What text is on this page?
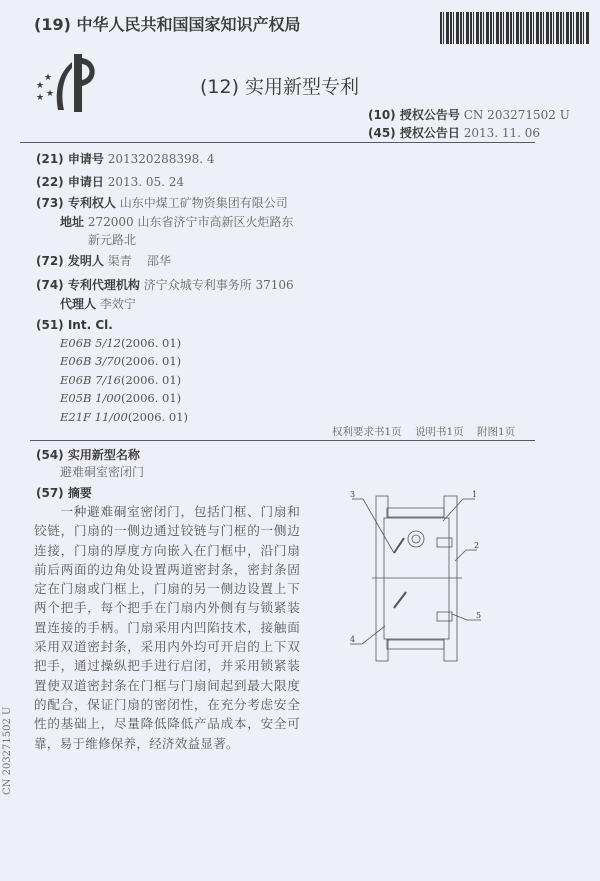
(19) 中华人民共和国国家知识产权局
★
★
★ ★	(12) 实用新型专利
(10) 授权公告号 CN 203271502 U
(45) 授权公告日 2013. 11. 06
(21) 申请号 201320288398. 4
(22) 申请日 2013. 05. 24
(73) 专利权人 山东中煤工矿物资集团有限公司
地址 272000 山东省济宁市高新区火炬路东
新元路北
(72) 发明人 渠青    邵华
(74) 专利代理机构 济宁众城专利事务所 37106
代理人 李效宁
(51) Int. Cl.
E06B 5/12(2006. 01)
E06B 3/70(2006. 01)
E06B 7/16(2006. 01)
E05B 1/00(2006. 01)
E21F 11/00(2006. 01)
权利要求书1页    说明书1页    附图1页
(54) 实用新型名称
避难硐室密闭门
(57) 摘要
一种避难硐室密闭门，包括门框、门扇和铰链，门扇的一侧边通过铰链与门框的一侧边连接，门扇的厚度方向嵌入在门框中，沿门扇前后两面的边角处设置两道密封条，密封条固定在门扇或门框上，门扇的另一侧边设置上下两个把手，每个把手在门扇内外侧有与锁紧装置连接的手柄。门扇采用内凹陷技术，接触面采用双道密封条，采用内外均可开启的上下双把手，通过操纵把手进行启闭，并采用锁紧装置使双道密封条在门框与门扇间起到最大限度的配合，保证门扇的密闭性，在充分考虑安全性的基础上，尽量降低降低产品成本，安全可靠，易于维修保养，经济效益显著。
3	1
2
5
4
CN 203271502 U
